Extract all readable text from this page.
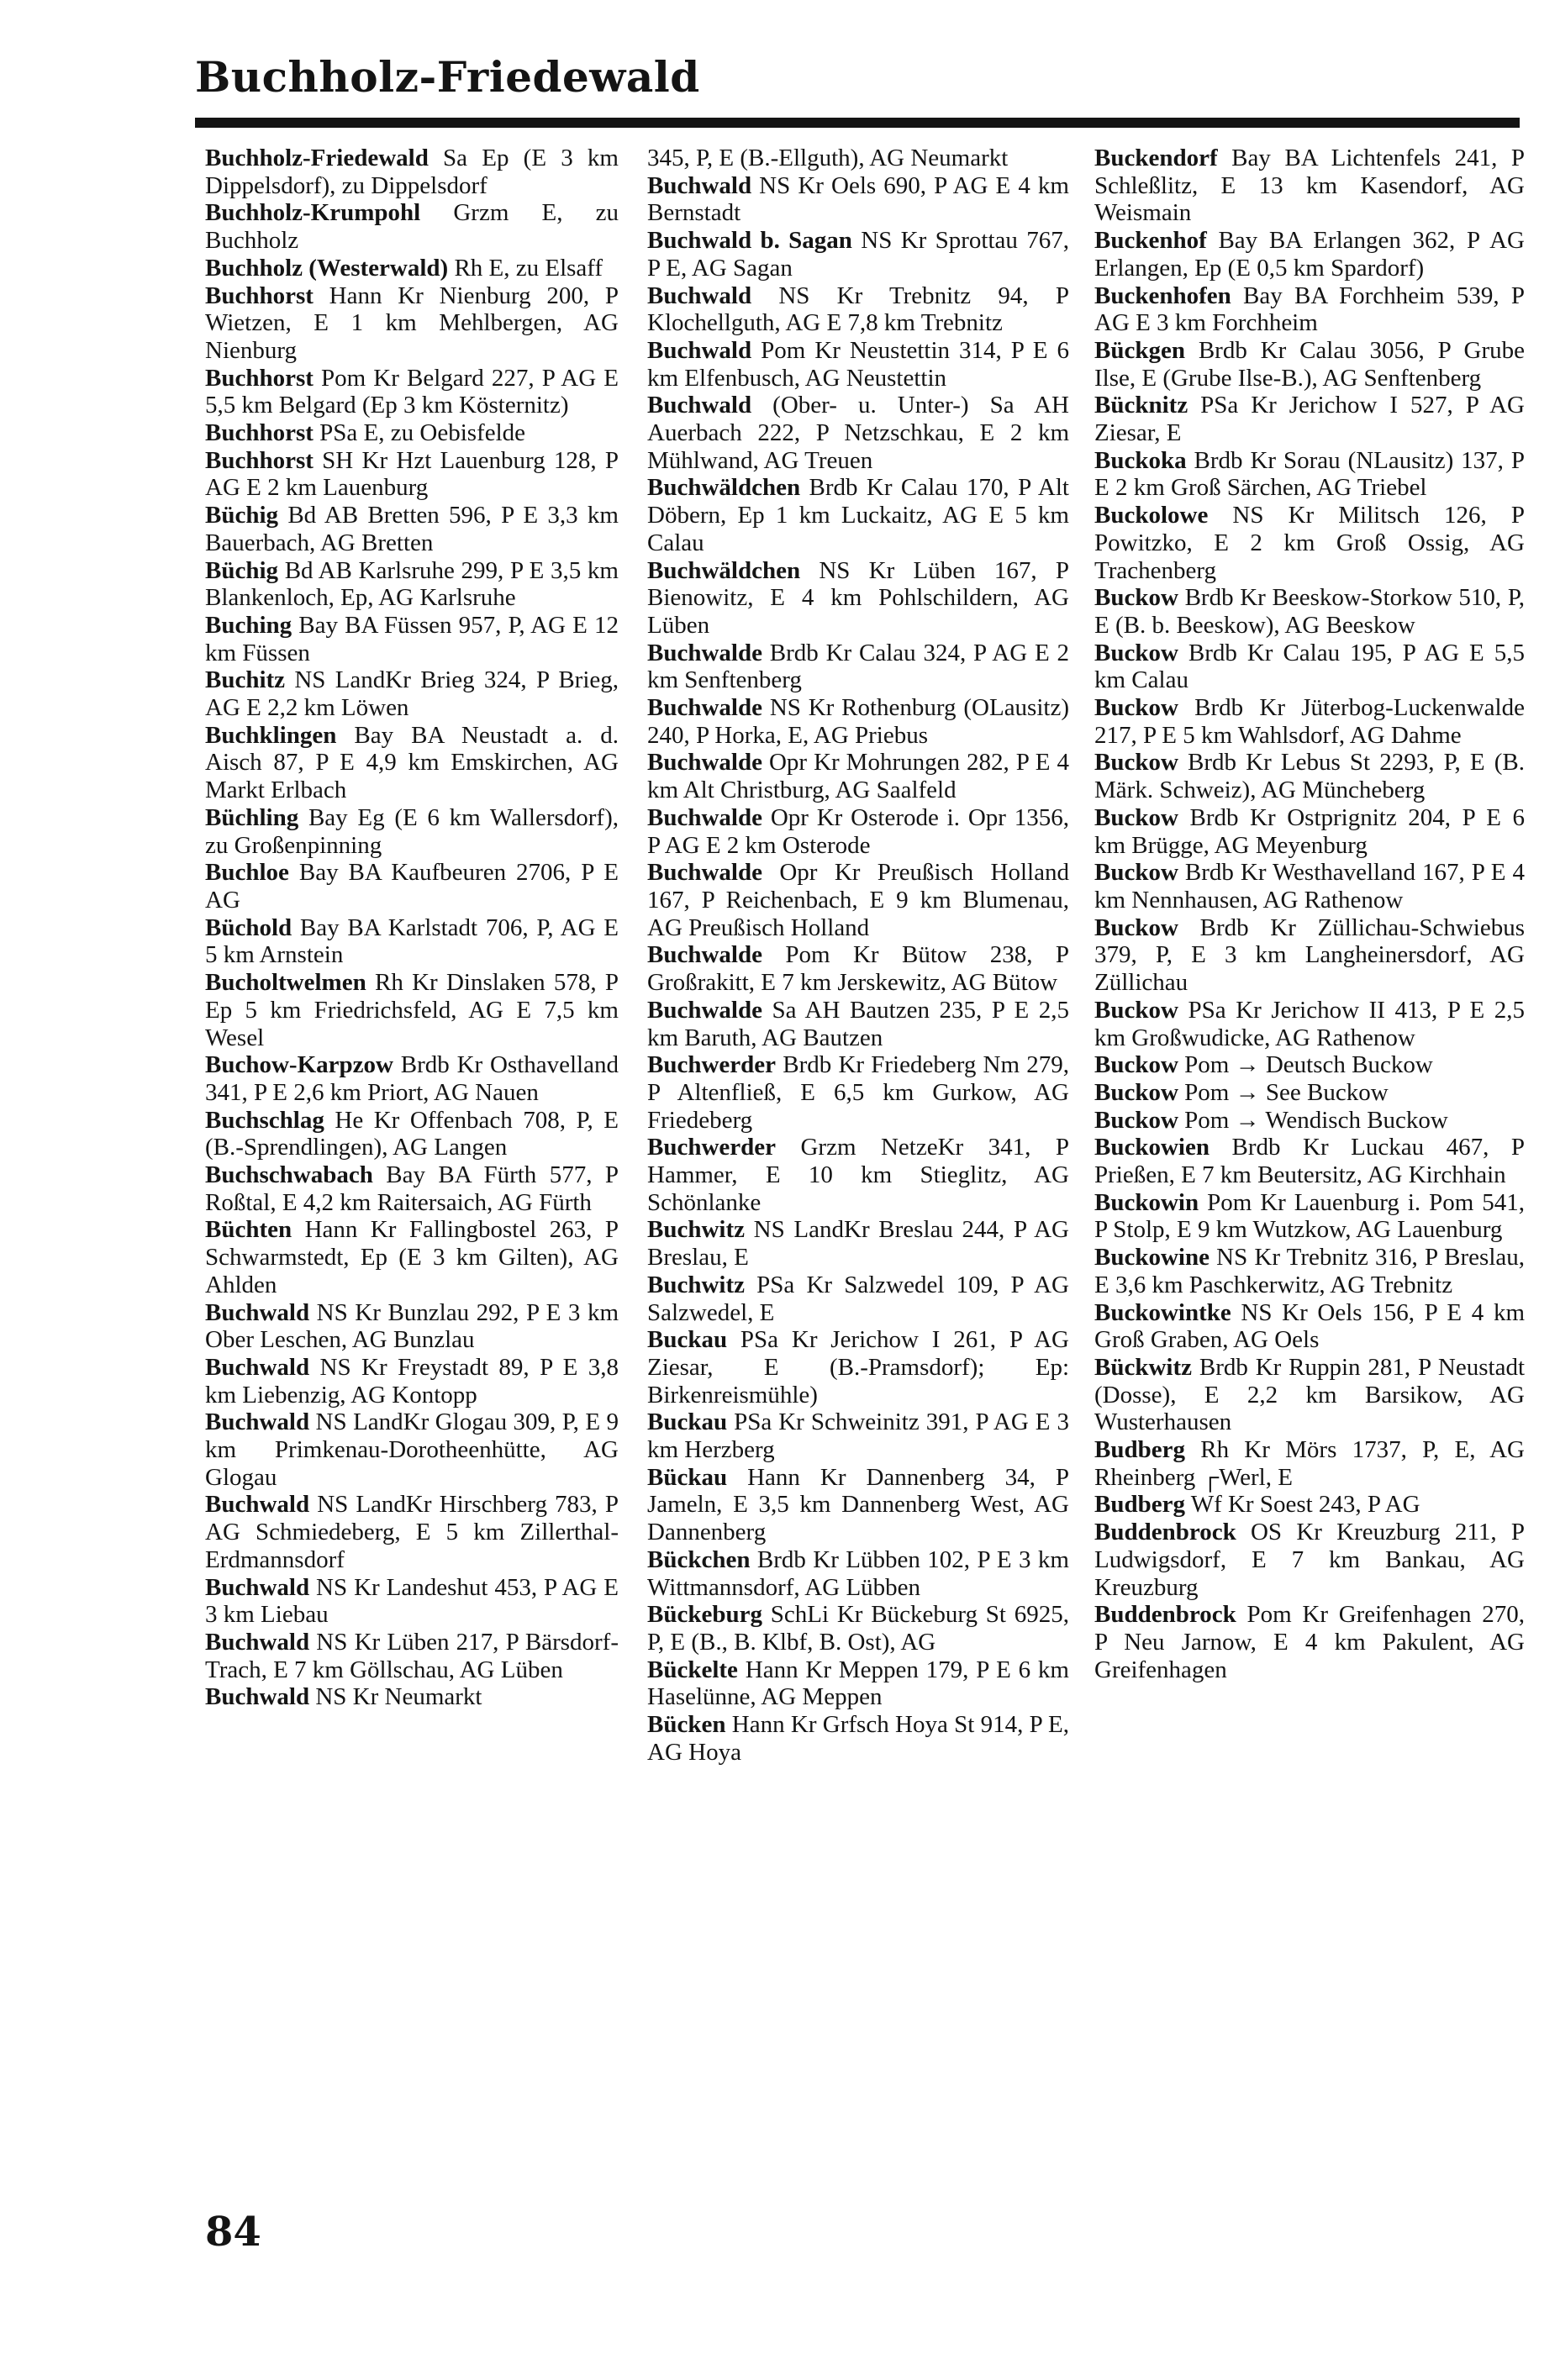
Buchholz-Friedewald

Buchholz-Friedewald Sa Ep (E 3 km Dippelsdorf), zu Dippelsdorf

Buchholz-Krumpohl Grzm E, zu Buchholz

Buchholz (Westerwald) Rh E, zu Elsaff

Buchhorst Hann Kr Nienburg 200, P Wietzen, E 1 km Mehlbergen, AG Nienburg

Buchhorst Pom Kr Belgard 227, P AG E 5,5 km Belgard (Ep 3 km Kösternitz)

Buchhorst PSa E, zu Oebisfelde

Buchhorst SH Kr Hzt Lauenburg 128, P AG E 2 km Lauenburg

Büchig Bd AB Bretten 596, P E 3,3 km Bauerbach, AG Bretten

Büchig Bd AB Karlsruhe 299, P E 3,5 km Blankenloch, Ep, AG Karlsruhe

Buching Bay BA Füssen 957, P, AG E 12 km Füssen

Buchitz NS LandKr Brieg 324, P Brieg, AG E 2,2 km Löwen

Buchklingen Bay BA Neustadt a. d. Aisch 87, P E 4,9 km Emskirchen, AG Markt Erlbach

Büchling Bay Eg (E 6 km Wallersdorf), zu Großenpinning

Buchloe Bay BA Kaufbeuren 2706, P E AG

Büchold Bay BA Karlstadt 706, P, AG E 5 km Arnstein

Bucholtwelmen Rh Kr Dinslaken 578, P Ep 5 km Friedrichsfeld, AG E 7,5 km Wesel

Buchow-Karpzow Brdb Kr Osthavelland 341, P E 2,6 km Priort, AG Nauen

Buchschlag He Kr Offenbach 708, P, E (B.-Sprendlingen), AG Langen

Buchschwabach Bay BA Fürth 577, P Roßtal, E 4,2 km Raitersaich, AG Fürth

Büchten Hann Kr Fallingbostel 263, P Schwarmstedt, Ep (E 3 km Gilten), AG Ahlden

Buchwald NS Kr Bunzlau 292, P E 3 km Ober Leschen, AG Bunzlau

Buchwald NS Kr Freystadt 89, P E 3,8 km Liebenzig, AG Kontopp

Buchwald NS LandKr Glogau 309, P, E 9 km Primkenau-Dorotheenhütte, AG Glogau

Buchwald NS LandKr Hirschberg 783, P AG Schmiedeberg, E 5 km Zillerthal-Erdmannsdorf

Buchwald NS Kr Landeshut 453, P AG E 3 km Liebau

Buchwald NS Kr Lüben 217, P Bärsdorf-Trach, E 7 km Göllschau, AG Lüben

Buchwald NS Kr Neumarkt

345, P, E (B.-Ellguth), AG Neumarkt

Buchwald NS Kr Oels 690, P AG E 4 km Bernstadt

Buchwald b. Sagan NS Kr Sprottau 767, P E, AG Sagan

Buchwald NS Kr Trebnitz 94, P Klochellguth, AG E 7,8 km Trebnitz

Buchwald Pom Kr Neustettin 314, P E 6 km Elfenbusch, AG Neustettin

Buchwald (Ober- u. Unter-) Sa AH Auerbach 222, P Netzschkau, E 2 km Mühlwand, AG Treuen

Buchwäldchen Brdb Kr Calau 170, P Alt Döbern, Ep 1 km Luckaitz, AG E 5 km Calau

Buchwäldchen NS Kr Lüben 167, P Bienowitz, E 4 km Pohlschildern, AG Lüben

Buchwalde Brdb Kr Calau 324, P AG E 2 km Senftenberg

Buchwalde NS Kr Rothenburg (OLausitz) 240, P Horka, E, AG Priebus

Buchwalde Opr Kr Mohrungen 282, P E 4 km Alt Christburg, AG Saalfeld

Buchwalde Opr Kr Osterode i. Opr 1356, P AG E 2 km Osterode

Buchwalde Opr Kr Preußisch Holland 167, P Reichenbach, E 9 km Blumenau, AG Preußisch Holland

Buchwalde Pom Kr Bütow 238, P Großrakitt, E 7 km Jerskewitz, AG Bütow

Buchwalde Sa AH Bautzen 235, P E 2,5 km Baruth, AG Bautzen

Buchwerder Brdb Kr Friedeberg Nm 279, P Altenfließ, E 6,5 km Gurkow, AG Friedeberg

Buchwerder Grzm NetzeKr 341, P Hammer, E 10 km Stieglitz, AG Schönlanke

Buchwitz NS LandKr Breslau 244, P AG Breslau, E

Buchwitz PSa Kr Salzwedel 109, P AG Salzwedel, E

Buckau PSa Kr Jerichow I 261, P AG Ziesar, E (B.-Pramsdorf); Ep: Birkenreismühle)

Buckau PSa Kr Schweinitz 391, P AG E 3 km Herzberg

Bückau Hann Kr Dannenberg 34, P Jameln, E 3,5 km Dannenberg West, AG Dannenberg

Bückchen Brdb Kr Lübben 102, P E 3 km Wittmannsdorf, AG Lübben

Bückeburg SchLi Kr Bückeburg St 6925, P, E (B., B. Klbf, B. Ost), AG

Bückelte Hann Kr Meppen 179, P E 6 km Haselünne, AG Meppen

Bücken Hann Kr Grfsch Hoya St 914, P E, AG Hoya

Buckendorf Bay BA Lichtenfels 241, P Schleßlitz, E 13 km Kasendorf, AG Weismain

Buckenhof Bay BA Erlangen 362, P AG Erlangen, Ep (E 0,5 km Spardorf)

Buckenhofen Bay BA Forchheim 539, P AG E 3 km Forchheim

Bückgen Brdb Kr Calau 3056, P Grube Ilse, E (Grube Ilse-B.), AG Senftenberg

Bücknitz PSa Kr Jerichow I 527, P AG Ziesar, E

Buckoka Brdb Kr Sorau (NLausitz) 137, P E 2 km Groß Särchen, AG Triebel

Buckolowe NS Kr Militsch 126, P Powitzko, E 2 km Groß Ossig, AG Trachenberg

Buckow Brdb Kr Beeskow-Storkow 510, P, E (B. b. Beeskow), AG Beeskow

Buckow Brdb Kr Calau 195, P AG E 5,5 km Calau

Buckow Brdb Kr Jüterbog-Luckenwalde 217, P E 5 km Wahlsdorf, AG Dahme

Buckow Brdb Kr Lebus St 2293, P, E (B. Märk. Schweiz), AG Müncheberg

Buckow Brdb Kr Ostprignitz 204, P E 6 km Brügge, AG Meyenburg

Buckow Brdb Kr Westhavelland 167, P E 4 km Nennhausen, AG Rathenow

Buckow Brdb Kr Züllichau-Schwiebus 379, P, E 3 km Langheinersdorf, AG Züllichau

Buckow PSa Kr Jerichow II 413, P E 2,5 km Großwudicke, AG Rathenow

Buckow Pom → Deutsch Buckow

Buckow Pom → See Buckow

Buckow Pom → Wendisch Buckow

Buckowien Brdb Kr Luckau 467, P Prießen, E 7 km Beutersitz, AG Kirchhain

Buckowin Pom Kr Lauenburg i. Pom 541, P Stolp, E 9 km Wutzkow, AG Lauenburg

Buckowine NS Kr Trebnitz 316, P Breslau, E 3,6 km Paschkerwitz, AG Trebnitz

Buckowintke NS Kr Oels 156, P E 4 km Groß Graben, AG Oels

Bückwitz Brdb Kr Ruppin 281, P Neustadt (Dosse), E 2,2 km Barsikow, AG Wusterhausen

Budberg Rh Kr Mörs 1737, P, E, AG Rheinberg ┌Werl, E

Budberg Wf Kr Soest 243, P AG

Buddenbrock OS Kr Kreuzburg 211, P Ludwigsdorf, E 7 km Bankau, AG Kreuzburg

Buddenbrock Pom Kr Greifenhagen 270, P Neu Jarnow, E 4 km Pakulent, AG Greifenhagen

84
